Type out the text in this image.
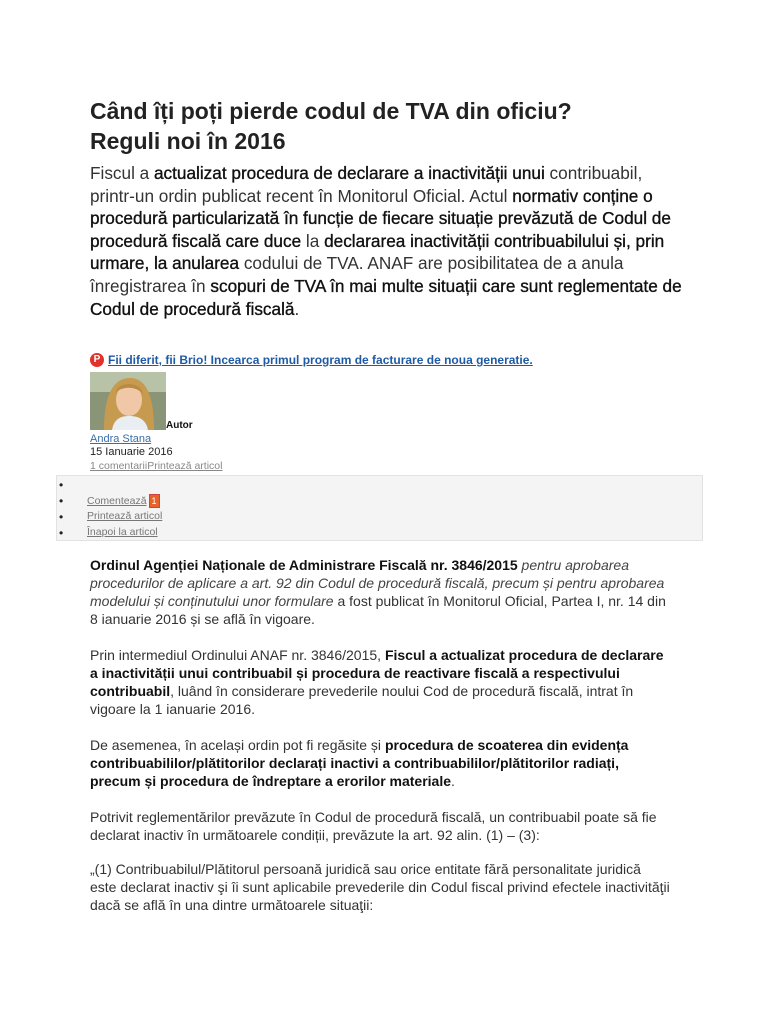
Când îți poți pierde codul de TVA din oficiu?
Reguli noi în 2016

Fiscul a actualizat procedura de declarare a inactivității unui contribuabil, printr-un ordin publicat recent în Monitorul Oficial. Actul normativ conține o procedură particularizată în funcție de fiecare situație prevăzută de Codul de procedură fiscală care duce la declararea inactivității contribuabilului și, prin urmare, la anularea codului de TVA. ANAF are posibilitatea de a anula înregistrarea în scopuri de TVA în mai multe situații care sunt reglementate de Codul de procedură fiscală.

P Fii diferit, fii Brio! Incearca primul program de facturare de noua generatie.
Autor
Andra Stana
15 Ianuarie 2016
1 comentariiPrintează articol
•
• Comentează 1
• Printează articol
• Înapoi la articol

Ordinul Agenției Naționale de Administrare Fiscală nr. 3846/2015 pentru aprobarea procedurilor de aplicare a art. 92 din Codul de procedură fiscală, precum și pentru aprobarea modelului și conținutului unor formulare a fost publicat în Monitorul Oficial, Partea I, nr. 14 din 8 ianuarie 2016 și se află în vigoare.

Prin intermediul Ordinului ANAF nr. 3846/2015, Fiscul a actualizat procedura de declarare a inactivității unui contribuabil și procedura de reactivare fiscală a respectivului contribuabil, luând în considerare prevederile noului Cod de procedură fiscală, intrat în vigoare la 1 ianuarie 2016.

De asemenea, în același ordin pot fi regăsite și procedura de scoaterea din evidența contribuabililor/plătitorilor declarați inactivi a contribuabililor/plătitorilor radiați, precum și procedura de îndreptare a erorilor materiale.

Potrivit reglementărilor prevăzute în Codul de procedură fiscală, un contribuabil poate să fie declarat inactiv în următoarele condiții, prevăzute la art. 92 alin. (1) – (3):

„(1) Contribuabilul/Plătitorul persoană juridică sau orice entitate fără personalitate juridică este declarat inactiv şi îi sunt aplicabile prevederile din Codul fiscal privind efectele inactivităţii dacă se află în una dintre următoarele situaţii:
